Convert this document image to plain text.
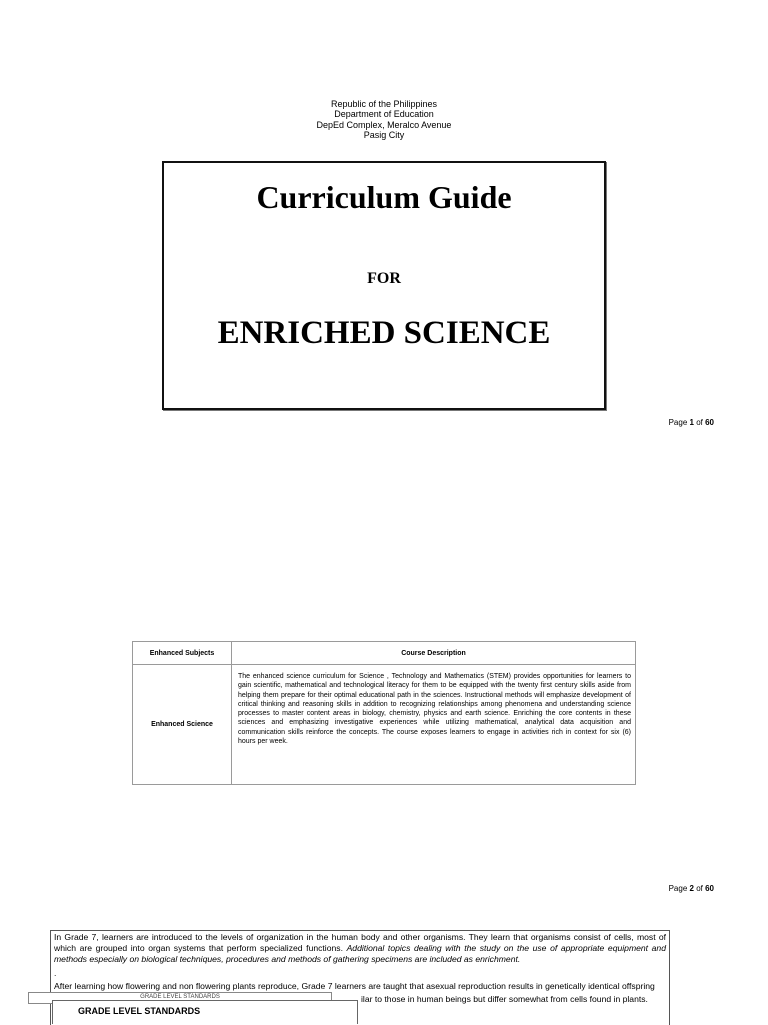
Republic of the Philippines
Department of Education
DepEd Complex, Meralco Avenue
Pasig City
Curriculum Guide
FOR
ENRICHED SCIENCE
Page 1 of 60
Enhanced Subjects	Course Description
Enhanced Science	The enhanced science curriculum for Science , Technology and Mathematics (STEM) provides opportunities for learners to gain scientific, mathematical and technological literacy for them to be equipped with the twenty first century skills aside from helping them prepare for their optimal educational path in the sciences. Instructional methods will emphasize development of critical thinking and reasoning skills in addition to recognizing relationships among phenomena and understanding science processes to master content areas in biology, chemistry, physics and earth science. Enriching the core contents in these sciences and emphasizing investigative experiences while utilizing mathematical, analytical data acquisition and communication skills reinforce the concepts. The course exposes learners to engage in activities rich in context for six (6) hours per week.
Page 2 of 60

In Grade 7, learners are introduced to the levels of organization in the human body and other organisms. They learn that organisms consist of cells, most of which are grouped into organ systems that perform specialized functions. Additional topics dealing with the study on the use of appropriate equipment and methods especially on biological techniques, procedures and methods of gathering specimens are included as enrichment.

.

After learning how flowering and non flowering plants reproduce, Grade 7 learners are taught that asexual reproduction results in genetically identical offspring

ilar to those in human beings but differ somewhat from cells found in plants.

GRADE LEVEL STANDARDS
GRADE LEVEL STANDARDS
